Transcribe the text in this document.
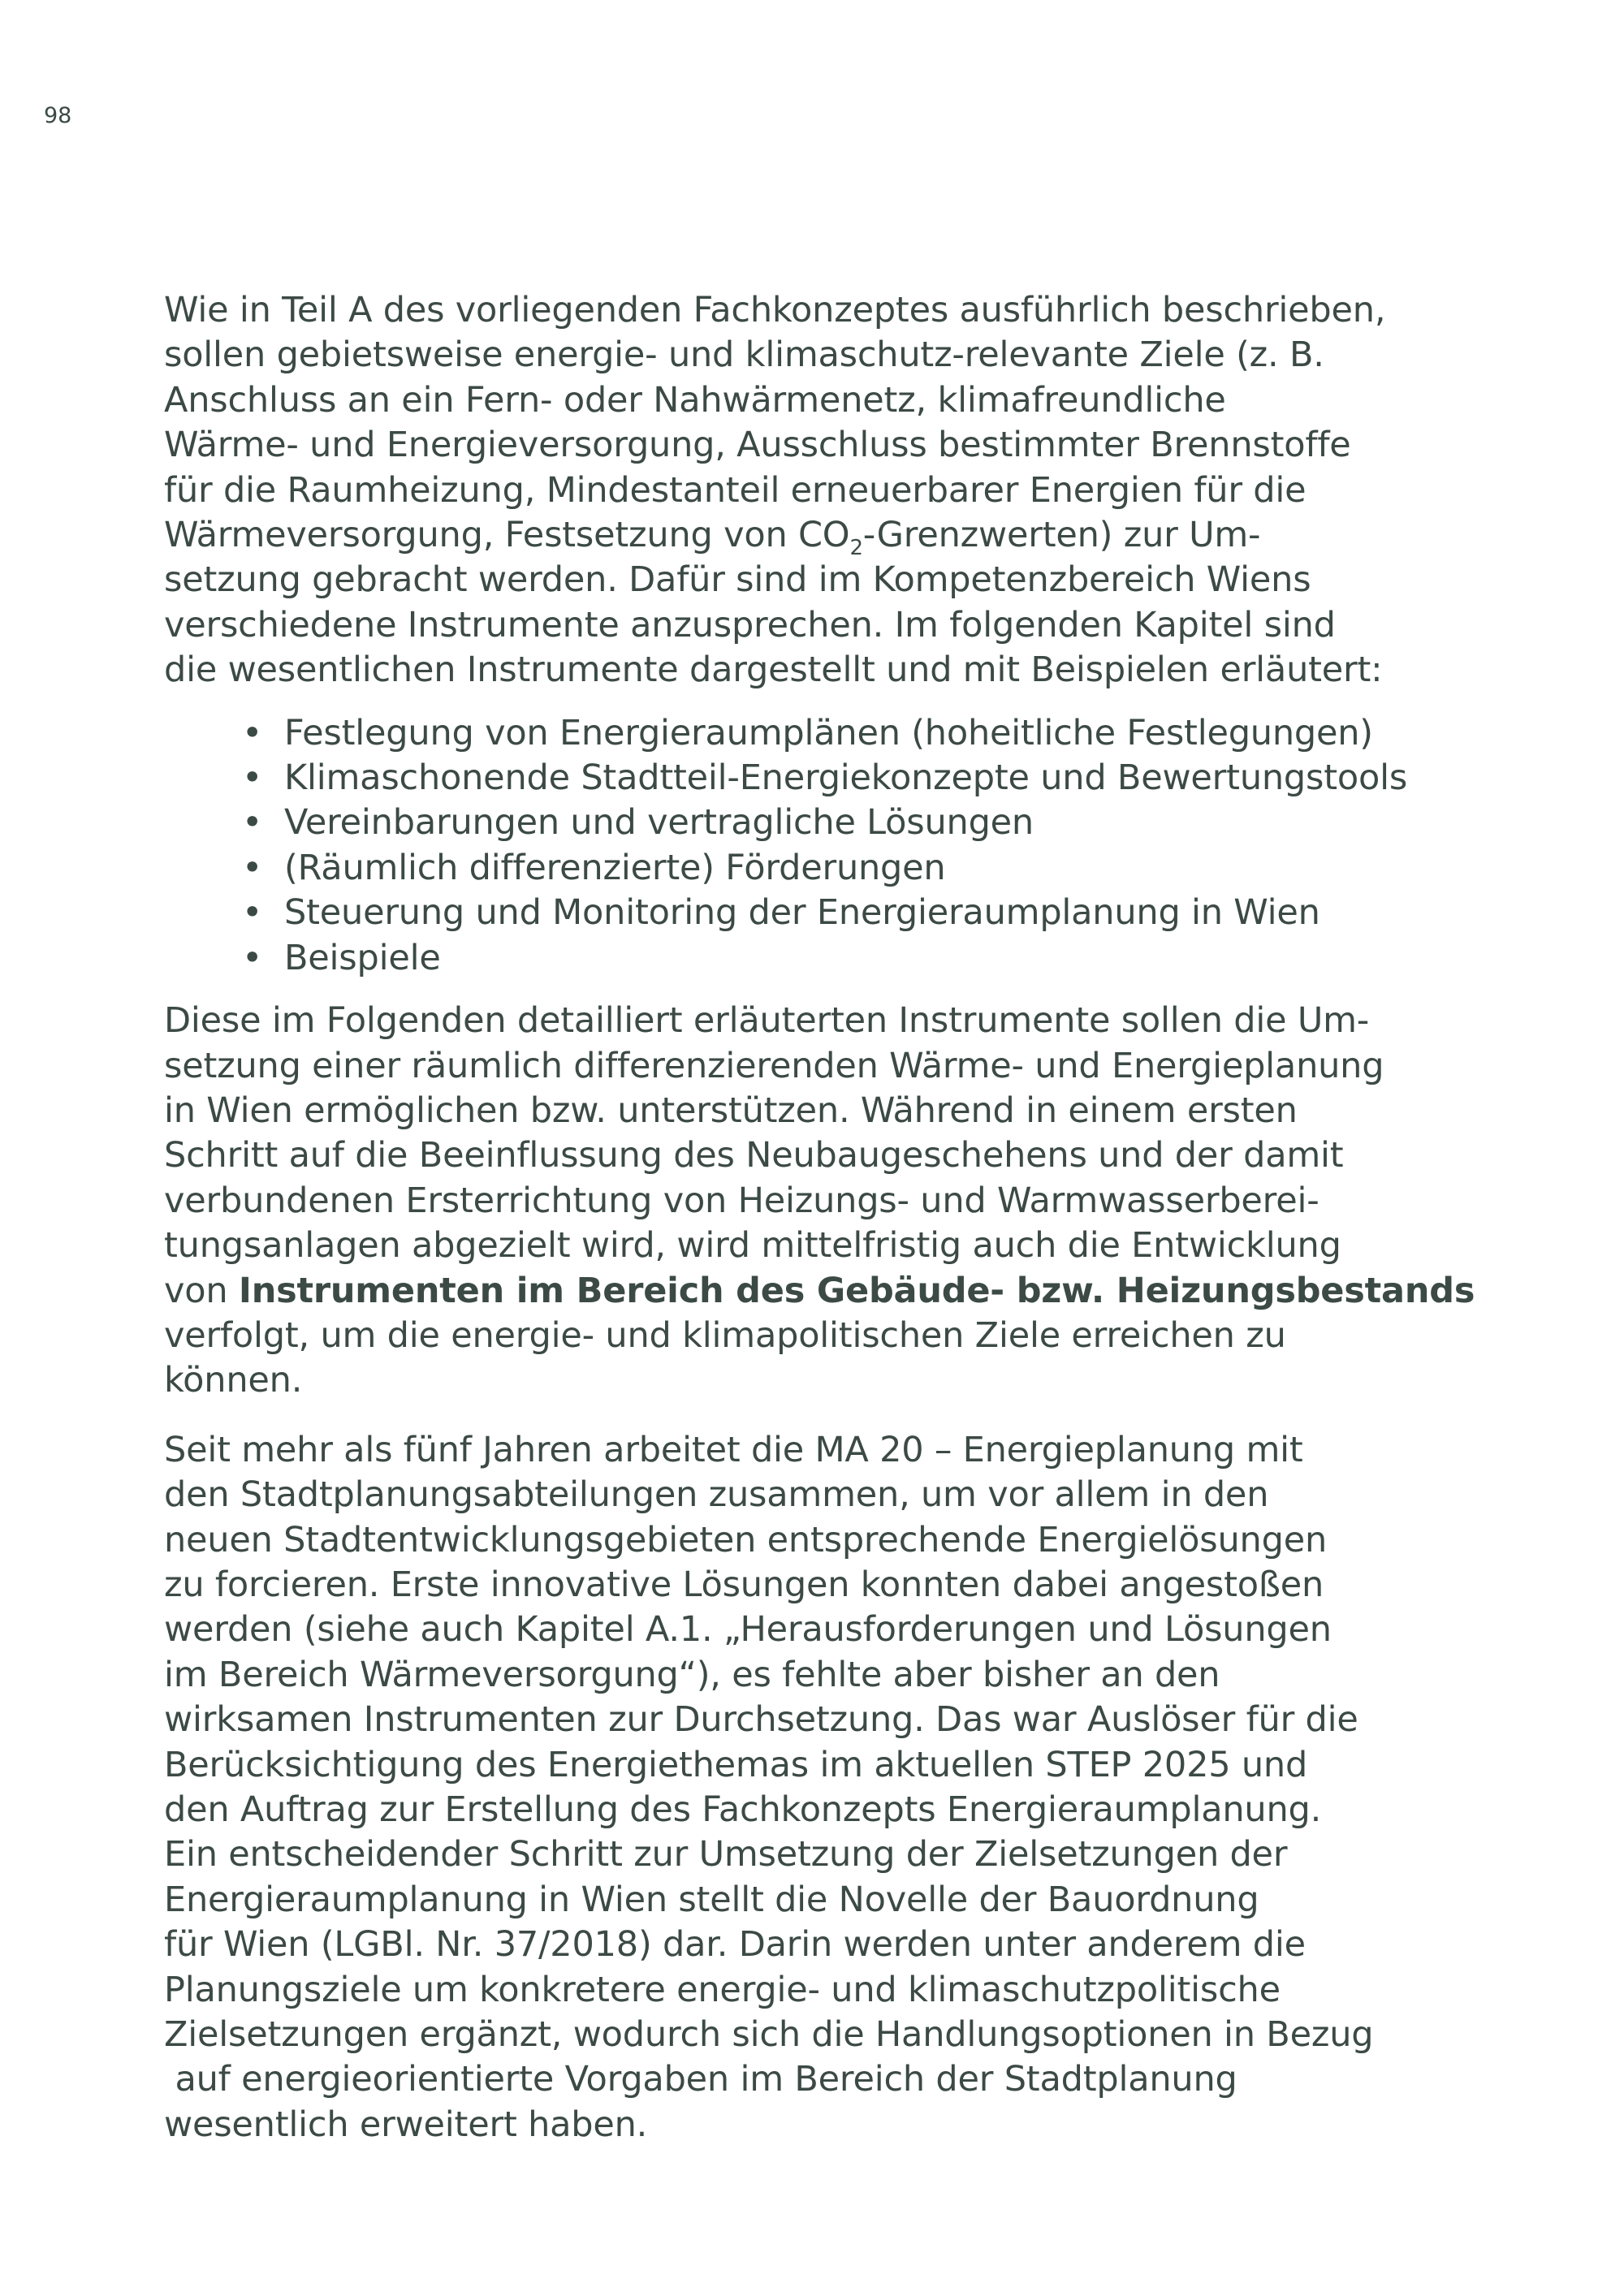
98

Wie in Teil A des vorliegenden Fachkonzeptes ausführlich beschrieben,
sollen gebietsweise energie- und klimaschutz-relevante Ziele (z. B.
Anschluss an ein Fern- oder Nahwärmenetz, klimafreundliche
Wärme- und Energieversorgung, Ausschluss bestimmter Brennstoffe
für die Raumheizung, Mindestanteil erneuerbarer Energien für die
Wärmeversorgung, Festsetzung von $CO_2-Grenzwerten$) zur Um-
setzung gebracht werden. Dafür sind im Kompetenzbereich Wiens
verschiedene Instrumente anzusprechen. Im folgenden Kapitel sind
die wesentlichen Instrumente dargestellt und mit Beispielen erläutert:

• Festlegung von Energieraumplänen (hoheitliche Festlegungen)
• Klimaschonende Stadtteil-Energiekonzepte und Bewertungstools
• Vereinbarungen und vertragliche Lösungen
• (Räumlich differenzierte) Förderungen
• Steuerung und Monitoring der Energieraumplanung in Wien
• Beispiele

Diese im Folgenden detailliert erläuterten Instrumente sollen die Um-
setzung einer räumlich differenzierenden Wärme- und Energieplanung
in Wien ermöglichen bzw. unterstützen. Während in einem ersten
Schritt auf die Beeinflussung des Neubaugeschehens und der damit
verbundenen Ersterrichtung von Heizungs- und Warmwasserberei-
tungsanlagen abgezielt wird, wird mittelfristig auch die Entwicklung
von Instrumenten im Bereich des Gebäude- bzw. Heizungsbestands
verfolgt, um die energie- und klimapolitischen Ziele erreichen zu
können.

Seit mehr als fünf Jahren arbeitet die MA 20 – Energieplanung mit
den Stadtplanungsabteilungen zusammen, um vor allem in den
neuen Stadtentwicklungsgebieten entsprechende Energielösungen
zu forcieren. Erste innovative Lösungen konnten dabei angestoßen
werden (siehe auch Kapitel A.1. „Herausforderungen und Lösungen
im Bereich Wärmeversorgung“), es fehlte aber bisher an den
wirksamen Instrumenten zur Durchsetzung. Das war Auslöser für die
Berücksichtigung des Energiethemas im aktuellen STEP 2025 und
den Auftrag zur Erstellung des Fachkonzepts Energieraumplanung.
Ein entscheidender Schritt zur Umsetzung der Zielsetzungen der
Energieraumplanung in Wien stellt die Novelle der Bauordnung
für Wien (LGBl. Nr. 37/2018) dar. Darin werden unter anderem die
Planungsziele um konkretere energie- und klimaschutzpolitische
Zielsetzungen ergänzt, wodurch sich die Handlungsoptionen in Bezug
auf energieorientierte Vorgaben im Bereich der Stadtplanung
wesentlich erweitert haben.
